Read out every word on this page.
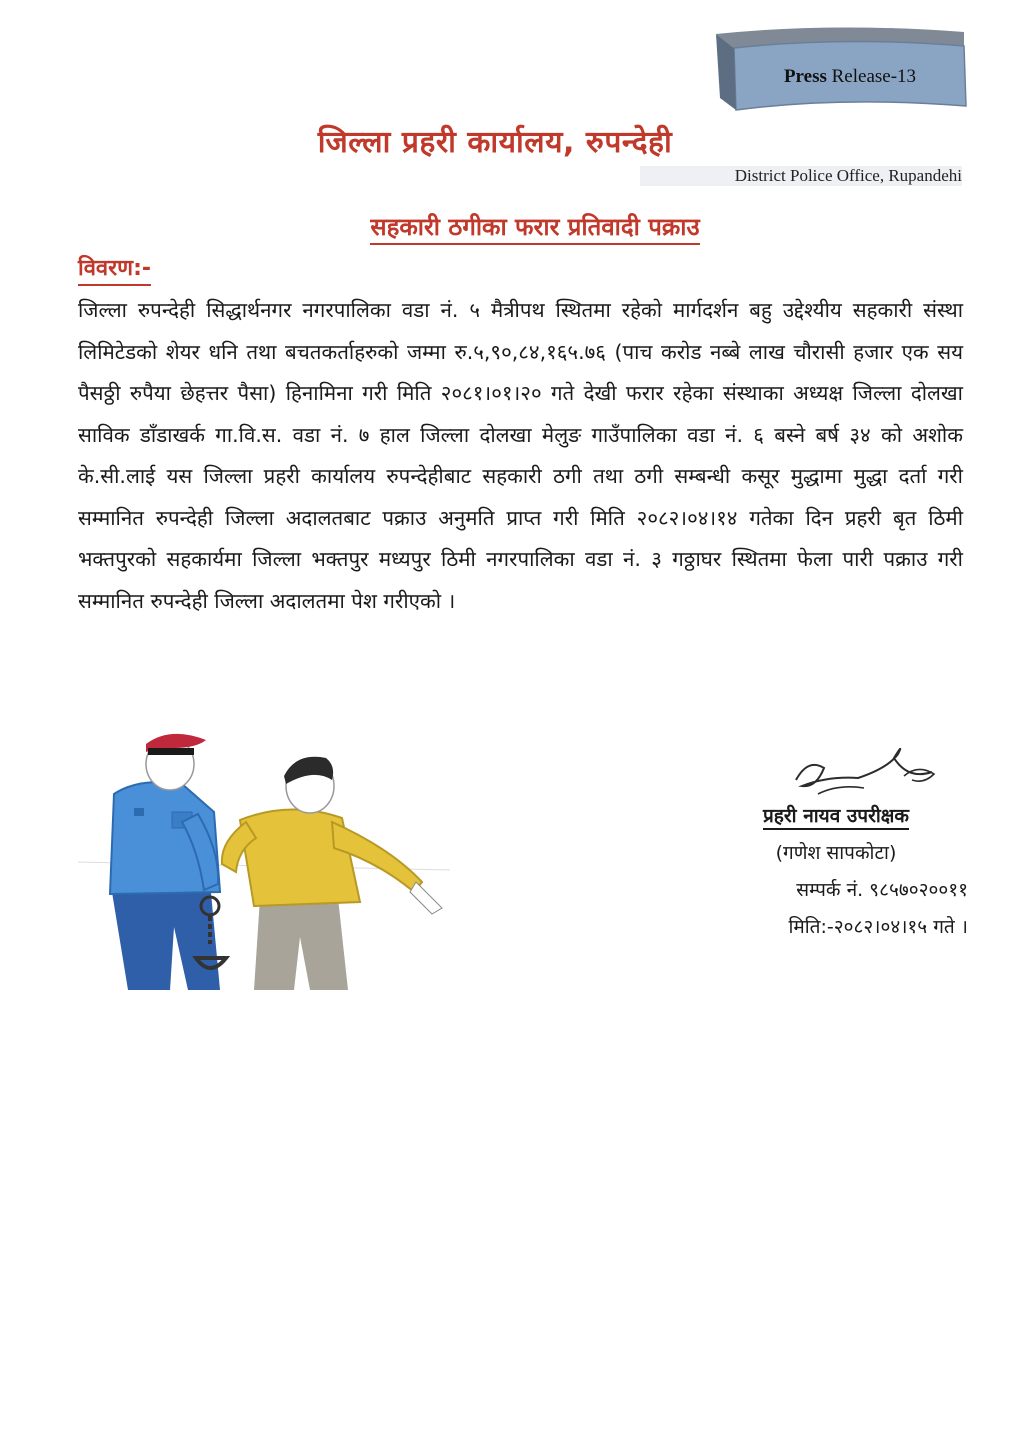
Press Release-13
जिल्ला प्रहरी कार्यालय, रुपन्देही
District Police Office, Rupandehi
सहकारी ठगीका फरार प्रतिवादी पक्राउ
विवरण:-
जिल्ला रुपन्देही सिद्धार्थनगर नगरपालिका वडा नं. ५ मैत्रीपथ स्थितमा रहेको मार्गदर्शन बहु उद्देश्यीय सहकारी संस्था लिमिटेडको शेयर धनि तथा बचतकर्ताहरुको जम्मा रु.५,९०,८४,१६५.७६ (पाच करोड नब्बे लाख चौरासी हजार एक सय पैसठ्ठी रुपैया छेहत्तर पैसा) हिनामिना गरी मिति २०८१।०१।२० गते देखी फरार रहेका संस्थाका अध्यक्ष जिल्ला दोलखा साविक डाँडाखर्क गा.वि.स. वडा नं. ७ हाल जिल्ला दोलखा मेलुङ गाउँपालिका वडा नं. ६ बस्ने बर्ष ३४ को अशोक के.सी.लाई यस जिल्ला प्रहरी कार्यालय रुपन्देहीबाट सहकारी ठगी तथा ठगी सम्बन्धी कसूर मुद्धामा मुद्धा दर्ता गरी सम्मानित रुपन्देही जिल्ला अदालतबाट पक्राउ अनुमति प्राप्त गरी मिति २०८२।०४।१४ गतेका दिन प्रहरी बृत ठिमी भक्तपुरको सहकार्यमा जिल्ला भक्तपुर मध्यपुर ठिमी नगरपालिका वडा नं. ३ गठ्ठाघर स्थितमा फेला पारी पक्राउ गरी सम्मानित रुपन्देही जिल्ला अदालतमा पेश गरीएको ।
प्रहरी नायव उपरीक्षक
(गणेश सापकोटा)
सम्पर्क नं. ९८५७०२००११
मिति:-२०८२।०४।१५ गते ।
